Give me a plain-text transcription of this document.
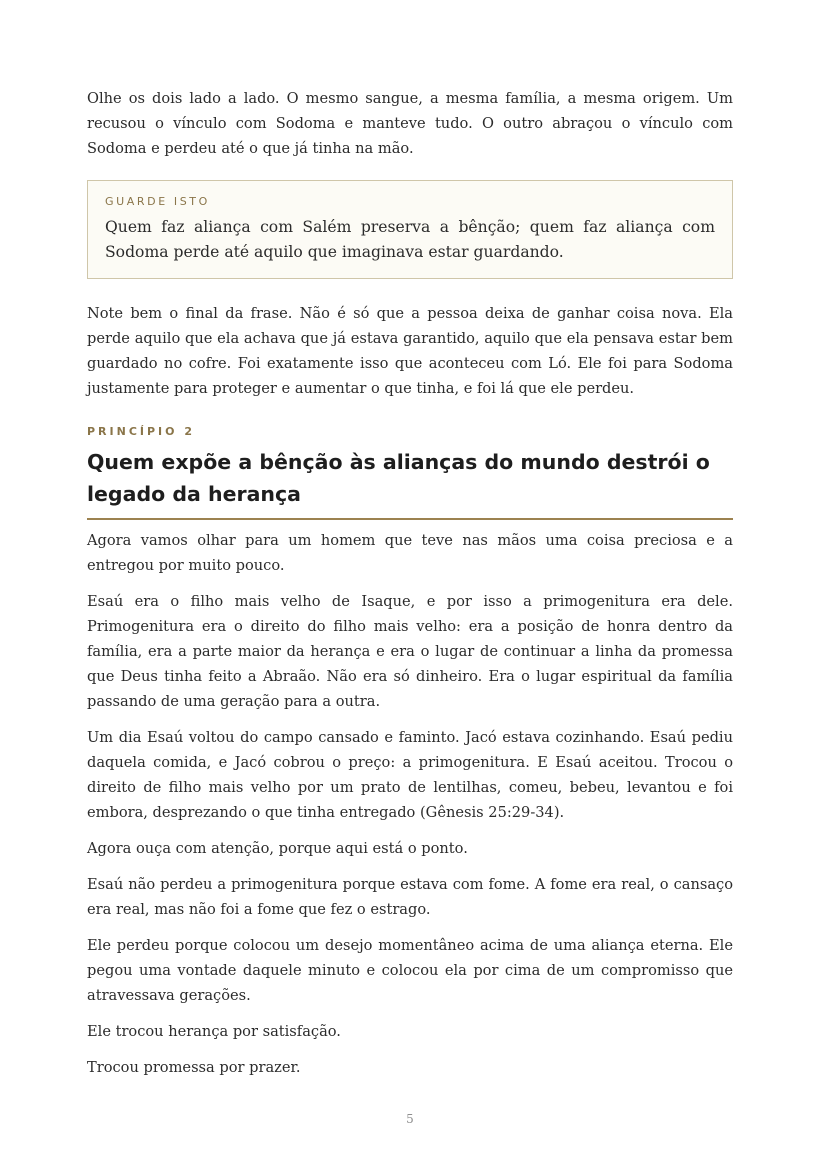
Olhe os dois lado a lado. O mesmo sangue, a mesma família, a mesma origem. Um recusou o vínculo com Sodoma e manteve tudo. O outro abraçou o vínculo com Sodoma e perdeu até o que já tinha na mão.

GUARDE ISTO

Quem faz aliança com Salém preserva a bênção; quem faz aliança com Sodoma perde até aquilo que imaginava estar guardando.

Note bem o final da frase. Não é só que a pessoa deixa de ganhar coisa nova. Ela perde aquilo que ela achava que já estava garantido, aquilo que ela pensava estar bem guardado no cofre. Foi exatamente isso que aconteceu com Ló. Ele foi para Sodoma justamente para proteger e aumentar o que tinha, e foi lá que ele perdeu.

PRINCÍPIO 2
Quem expõe a bênção às alianças do mundo destrói o legado da herança

Agora vamos olhar para um homem que teve nas mãos uma coisa preciosa e a entregou por muito pouco.

Esaú era o filho mais velho de Isaque, e por isso a primogenitura era dele. Primogenitura era o direito do filho mais velho: era a posição de honra dentro da família, era a parte maior da herança e era o lugar de continuar a linha da promessa que Deus tinha feito a Abraão. Não era só dinheiro. Era o lugar espiritual da família passando de uma geração para a outra.

Um dia Esaú voltou do campo cansado e faminto. Jacó estava cozinhando. Esaú pediu daquela comida, e Jacó cobrou o preço: a primogenitura. E Esaú aceitou. Trocou o direito de filho mais velho por um prato de lentilhas, comeu, bebeu, levantou e foi embora, desprezando o que tinha entregado (Gênesis 25:29-34).

Agora ouça com atenção, porque aqui está o ponto.

Esaú não perdeu a primogenitura porque estava com fome. A fome era real, o cansaço era real, mas não foi a fome que fez o estrago.

Ele perdeu porque colocou um desejo momentâneo acima de uma aliança eterna. Ele pegou uma vontade daquele minuto e colocou ela por cima de um compromisso que atravessava gerações.

Ele trocou herança por satisfação.

Trocou promessa por prazer.

5
